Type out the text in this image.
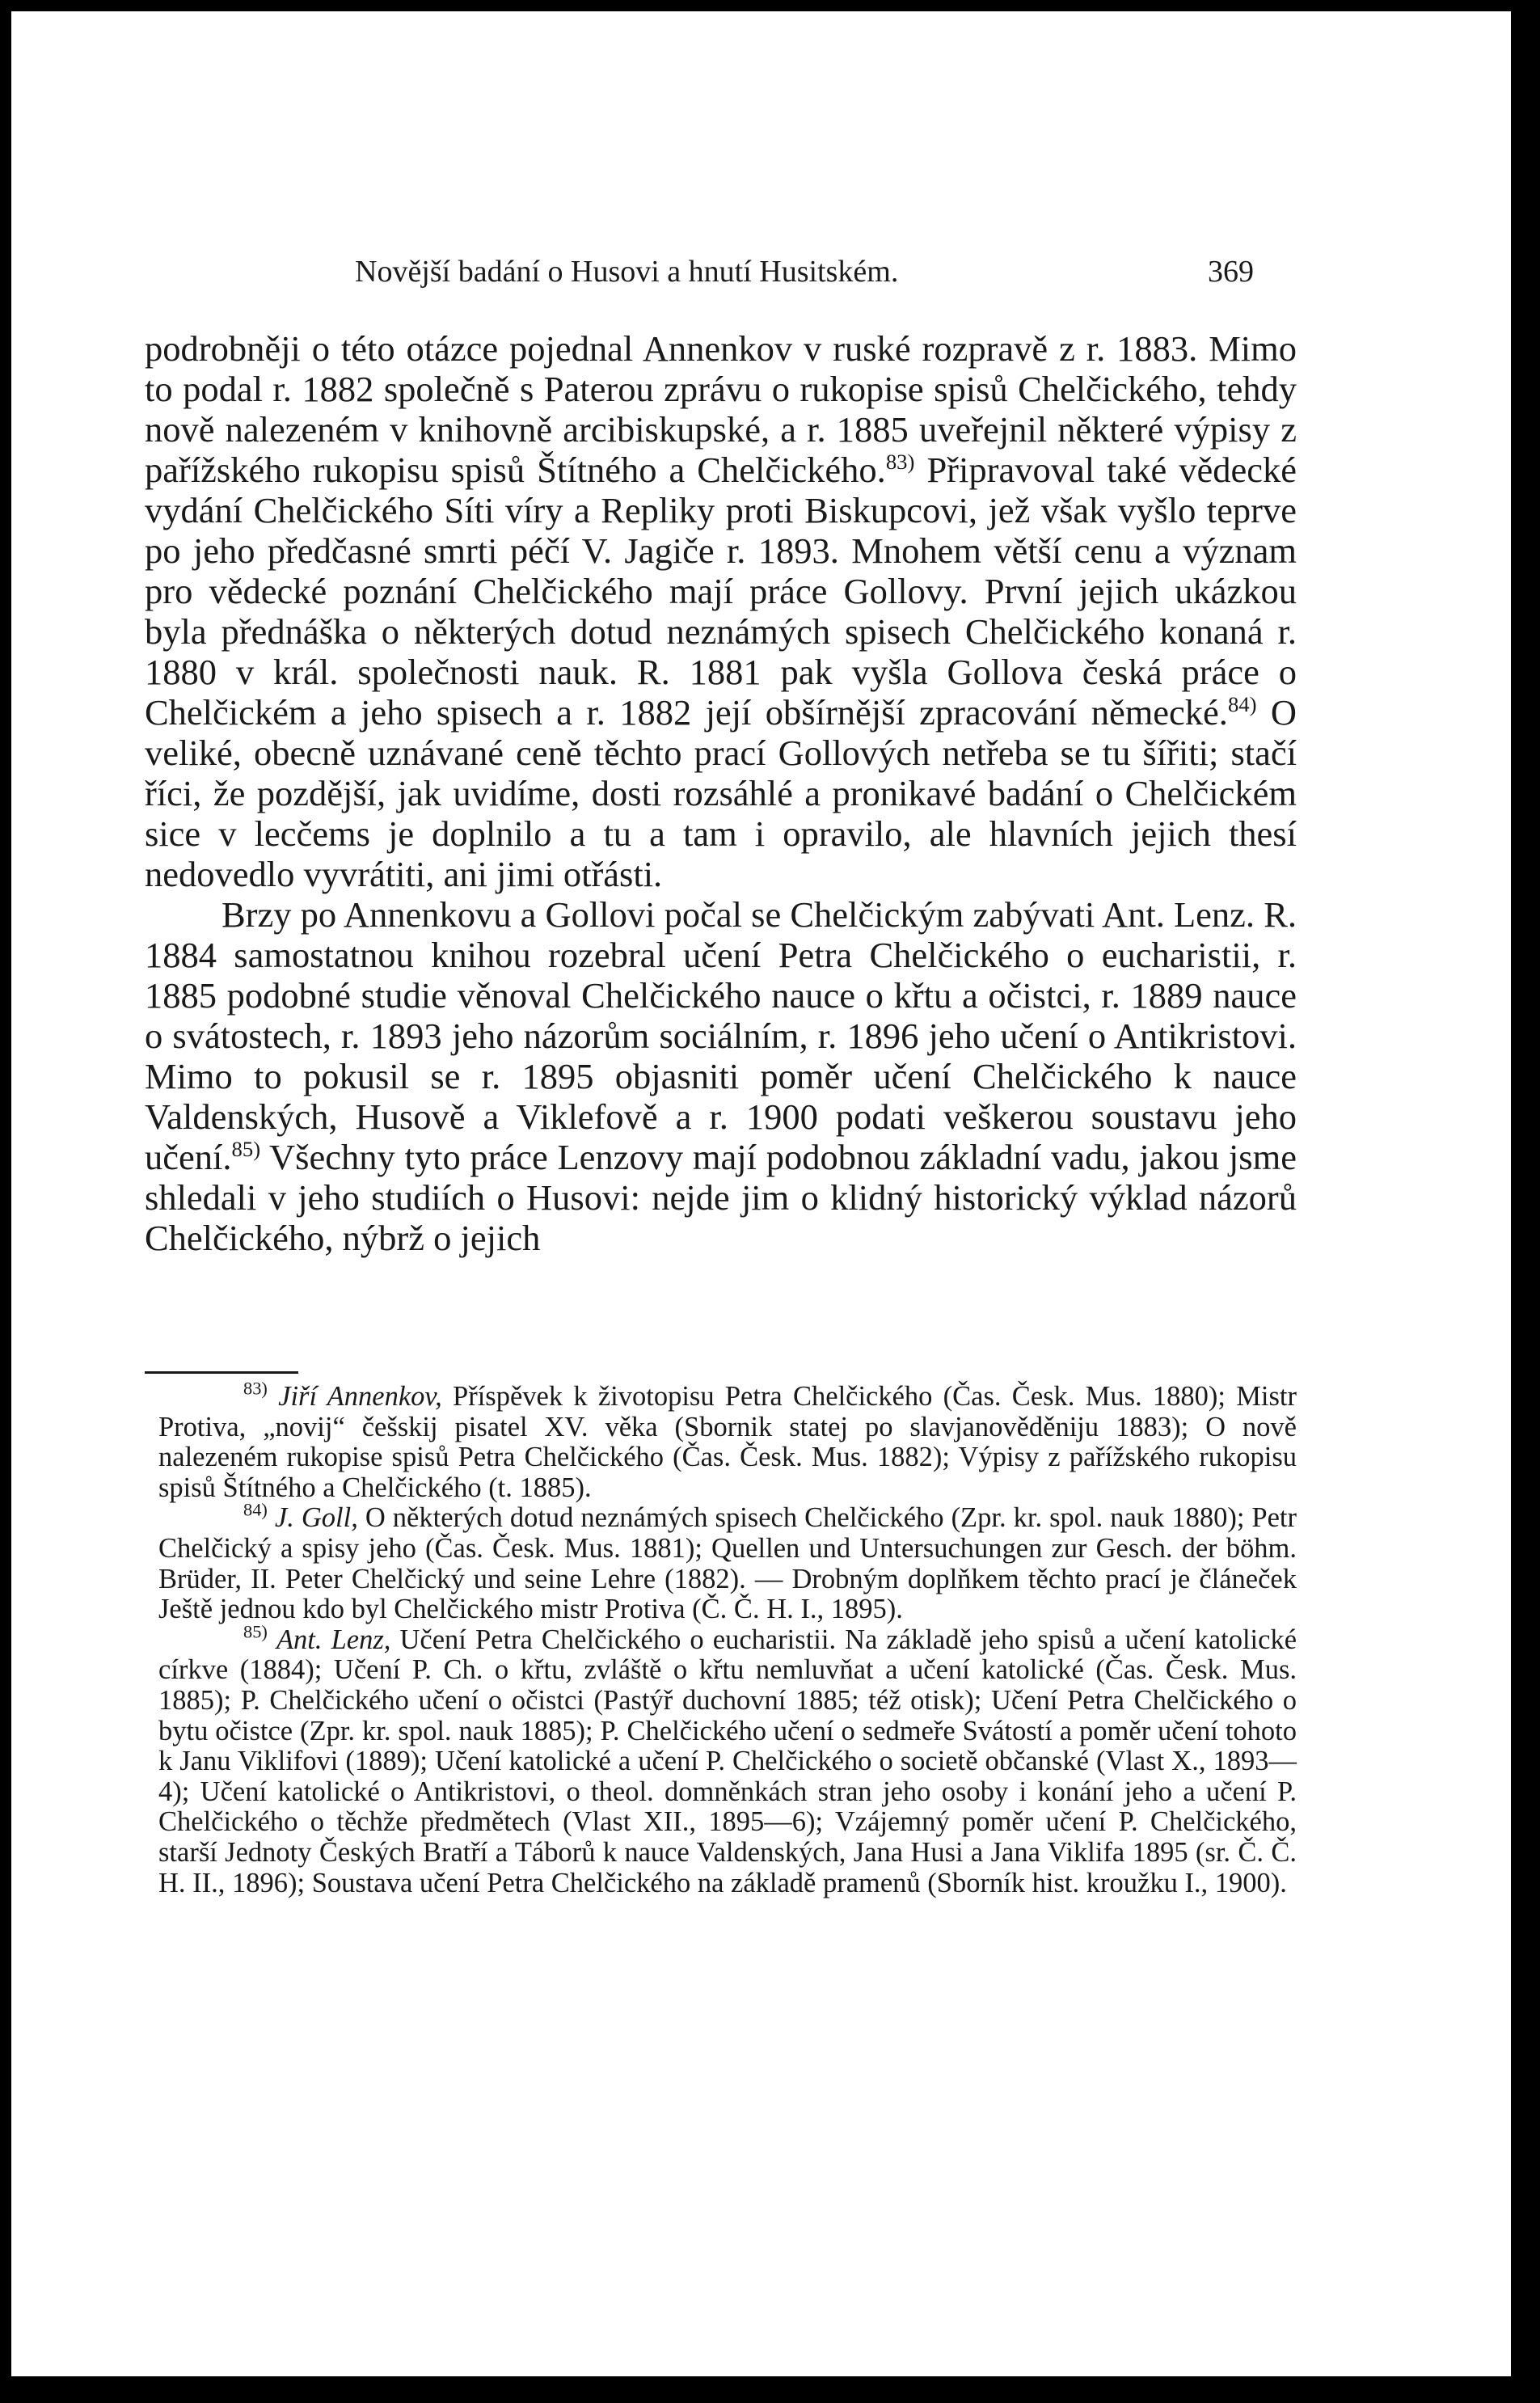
Novější badání o Husovi a hnutí Husitském.	369

podrobněji o této otázce pojednal Annenkov v ruské rozpravě z r. 1883. Mimo to podal r. 1882 společně s Paterou zprávu o rukopise spisů Chelčického, tehdy nově nalezeném v knihovně arcibiskupské, a r. 1885 uveřejnil některé výpisy z pařížského rukopisu spisů Štítného a Chelčického.$^{83)}$ Připravoval také vědecké vydání Chelčického Síti víry a Repliky proti Biskupcovi, jež však vyšlo teprve po jeho předčasné smrti péčí V. Jagiče r. 1893. Mnohem větší cenu a význam pro vědecké poznání Chelčického mají práce Gollovy. První jejich ukázkou byla přednáška o některých dotud neznámých spisech Chelčického konaná r. 1880 v král. společnosti nauk. R. 1881 pak vyšla Gollova česká práce o Chelčickém a jeho spisech a r. 1882 její obšírnější zpracování německé.$^{84)}$ O veliké, obecně uznávané ceně těchto prací Gollových netřeba se tu šířiti; stačí říci, že pozdější, jak uvidíme, dosti rozsáhlé a pronikavé badání o Chelčickém sice v lecčems je doplnilo a tu a tam i opravilo, ale hlavních jejich thesí nedovedlo vyvrátiti, ani jimi otřásti.

Brzy po Annenkovu a Gollovi počal se Chelčickým zabývati Ant. Lenz. R. 1884 samostatnou knihou rozebral učení Petra Chelčického o eucharistii, r. 1885 podobné studie věnoval Chelčického nauce o křtu a očistci, r. 1889 nauce o svátostech, r. 1893 jeho názorům sociálním, r. 1896 jeho učení o Antikristovi. Mimo to pokusil se r. 1895 objasniti poměr učení Chelčického k nauce Valdenských, Husově a Viklefově a r. 1900 podati veškerou soustavu jeho učení.$^{85)}$ Všechny tyto práce Lenzovy mají podobnou základní vadu, jakou jsme shledali v jeho studiích o Husovi: nejde jim o klidný historický výklad názorů Chelčického, nýbrž o jejich

$^{83)}$ Jiří Annenkov, Příspěvek k životopisu Petra Chelčického (Čas. Česk. Mus. 1880); Mistr Protiva, „novij“ češskij pisatel XV. věka (Sbornik statej po slavjanověděniju 1883); O nově nalezeném rukopise spisů Petra Chelčického (Čas. Česk. Mus. 1882); Výpisy z pařížského rukopisu spisů Štítného a Chelčického (t. 1885).

$^{84)}$ J. Goll, O některých dotud neznámých spisech Chelčického (Zpr. kr. spol. nauk 1880); Petr Chelčický a spisy jeho (Čas. Česk. Mus. 1881); Quellen und Untersuchungen zur Gesch. der böhm. Brüder, II. Peter Chelčický und seine Lehre (1882). — Drobným doplňkem těchto prací je článeček Ještě jednou kdo byl Chelčického mistr Protiva (Č. Č. H. I., 1895).

$^{85)}$ Ant. Lenz, Učení Petra Chelčického o eucharistii. Na základě jeho spisů a učení katolické církve (1884); Učení P. Ch. o křtu, zvláště o křtu nemluvňat a učení katolické (Čas. Česk. Mus. 1885); P. Chelčického učení o očistci (Pastýř duchovní 1885; též otisk); Učení Petra Chelčického o bytu očistce (Zpr. kr. spol. nauk 1885); P. Chelčického učení o sedmeře Svátostí a poměr učení tohoto k Janu Viklifovi (1889); Učení katolické a učení P. Chelčického o societě občanské (Vlast X., 1893—4); Učení katolické o Antikristovi, o theol. domněnkách stran jeho osoby i konání jeho a učení P. Chelčického o těchže předmětech (Vlast XII., 1895—6); Vzájemný poměr učení P. Chelčického, starší Jednoty Českých Bratří a Táborů k nauce Valdenských, Jana Husi a Jana Viklifa 1895 (sr. Č. Č. H. II., 1896); Soustava učení Petra Chelčického na základě pramenů (Sborník hist. kroužku I., 1900).
